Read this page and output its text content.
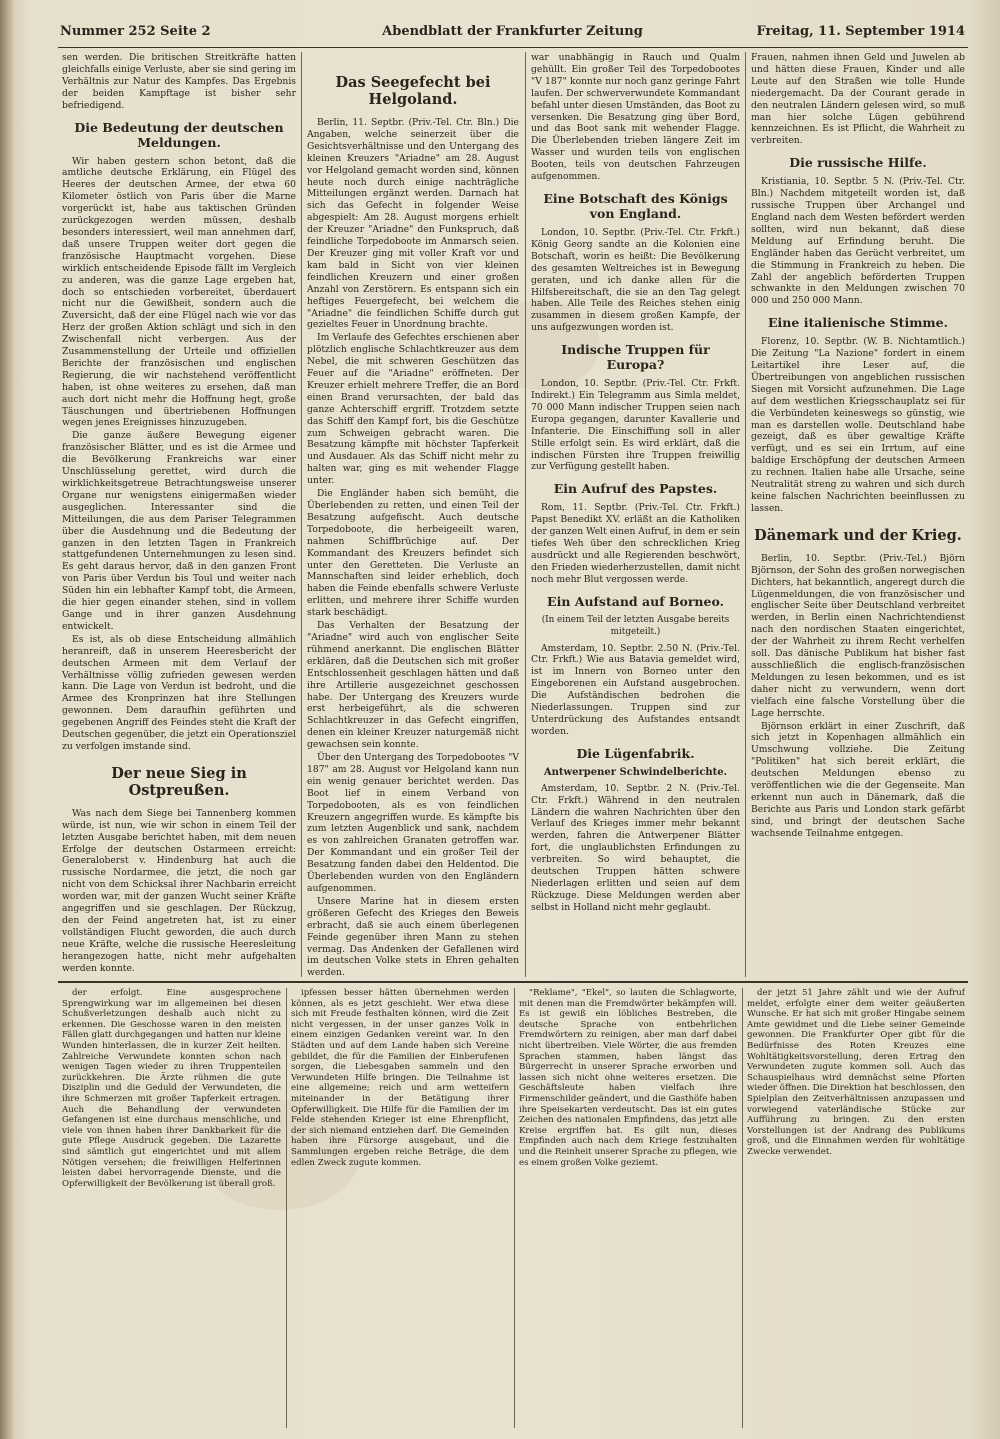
Nummer 252 Seite 2	Abendblatt der Frankfurter Zeitung	Freitag, 11. September 1914

sen werden. Die britischen Streitkräfte hatten gleichfalls einige Verluste, aber sie sind gering im Verhältnis zur Natur des Kampfes. Das Ergebnis der beiden Kampftage ist bisher sehr befriedigend.

Die Bedeutung der deutschen Meldungen.

Wir haben gestern schon betont, daß die amtliche deutsche Erklärung, ein Flügel des Heeres der deutschen Armee, der etwa 60 Kilometer östlich von Paris über die Marne vorgerückt ist, habe aus taktischen Gründen zurückgezogen werden müssen, deshalb besonders interessiert, weil man annehmen darf, daß unsere Truppen weiter dort gegen die französische Hauptmacht vorgehen. Diese wirklich entscheidende Episode fällt im Vergleich zu anderen, was die ganze Lage ergeben hat, doch so entschieden vorbereitet, überdauert nicht nur die Gewißheit, sondern auch die Zuversicht, daß der eine Flügel nach wie vor das Herz der großen Aktion schlägt und sich in den Zwischenfall nicht verbergen. Aus der Zusammenstellung der Urteile und offiziellen Berichte der französischen und englischen Regierung, die wir nachstehend veröffentlicht haben, ist ohne weiteres zu ersehen, daß man auch dort nicht mehr die Hoffnung hegt, große Täuschungen und übertriebenen Hoffnungen wegen jenes Ereignisses hinzuzugeben.

Die ganze äußere Bewegung eigener französischer Blätter, und es ist die Armee und die Bevölkerung Frankreichs war einer Unschlüsselung gerettet, wird durch die wirklichkeitsgetreue Betrachtungsweise unserer Organe nur wenigstens einigermaßen wieder ausgeglichen. Interessanter sind die Mitteilungen, die aus dem Pariser Telegrammen über die Ausdehnung und die Bedeutung der ganzen in den letzten Tagen in Frankreich stattgefundenen Unternehmungen zu lesen sind. Es geht daraus hervor, daß in den ganzen Front von Paris über Verdun bis Toul und weiter nach Süden hin ein lebhafter Kampf tobt, die Armeen, die hier gegen einander stehen, sind in vollem Gange und in ihrer ganzen Ausdehnung entwickelt.

Es ist, als ob diese Entscheidung allmählich heranreift, daß in unserem Heeresbericht der deutschen Armeen mit dem Verlauf der Verhältnisse völlig zufrieden gewesen werden kann. Die Lage von Verdun ist bedroht, und die Armee des Kronprinzen hat ihre Stellungen gewonnen. Dem daraufhin geführten und gegebenen Angriff des Feindes steht die Kraft der Deutschen gegenüber, die jetzt ein Operationsziel zu verfolgen imstande sind.

Der neue Sieg in Ostpreußen.

Was nach dem Siege bei Tannenberg kommen würde, ist nun, wie wir schon in einem Teil der letzten Ausgabe berichtet haben, mit dem neuen Erfolge der deutschen Ostarmeen erreicht: Generaloberst v. Hindenburg hat auch die russische Nordarmee, die jetzt, die noch gar nicht von dem Schicksal ihrer Nachbarin erreicht worden war, mit der ganzen Wucht seiner Kräfte angegriffen und sie geschlagen. Der Rückzug, den der Feind angetreten hat, ist zu einer vollständigen Flucht geworden, die auch durch neue Kräfte, welche die russische Heeresleitung herangezogen hatte, nicht mehr aufgehalten werden konnte.

Das Seegefecht bei Helgoland.

Berlin, 11. Septbr. (Priv.-Tel. Ctr. Bln.) Die Angaben, welche seinerzeit über die Gesichtsverhältnisse und den Untergang des kleinen Kreuzers "Ariadne" am 28. August vor Helgoland gemacht worden sind, können heute noch durch einige nachträgliche Mitteilungen ergänzt werden. Darnach hat sich das Gefecht in folgender Weise abgespielt: Am 28. August morgens erhielt der Kreuzer "Ariadne" den Funkspruch, daß feindliche Torpedoboote im Anmarsch seien. Der Kreuzer ging mit voller Kraft vor und kam bald in Sicht von vier kleinen feindlichen Kreuzern und einer großen Anzahl von Zerstörern. Es entspann sich ein heftiges Feuergefecht, bei welchem die "Ariadne" die feindlichen Schiffe durch gut gezieltes Feuer in Unordnung brachte.

Im Verlaufe des Gefechtes erschienen aber plötzlich englische Schlachtkreuzer aus dem Nebel, die mit schweren Geschützen das Feuer auf die "Ariadne" eröffneten. Der Kreuzer erhielt mehrere Treffer, die an Bord einen Brand verursachten, der bald das ganze Achterschiff ergriff. Trotzdem setzte das Schiff den Kampf fort, bis die Geschütze zum Schweigen gebracht waren. Die Besatzung kämpfte mit höchster Tapferkeit und Ausdauer. Als das Schiff nicht mehr zu halten war, ging es mit wehender Flagge unter.

Die Engländer haben sich bemüht, die Überlebenden zu retten, und einen Teil der Besatzung aufgefischt. Auch deutsche Torpedoboote, die herbeigeeilt waren, nahmen Schiffbrüchige auf. Der Kommandant des Kreuzers befindet sich unter den Geretteten. Die Verluste an Mannschaften sind leider erheblich, doch haben die Feinde ebenfalls schwere Verluste erlitten, und mehrere ihrer Schiffe wurden stark beschädigt.

Das Verhalten der Besatzung der "Ariadne" wird auch von englischer Seite rühmend anerkannt. Die englischen Blätter erklären, daß die Deutschen sich mit großer Entschlossenheit geschlagen hätten und daß ihre Artillerie ausgezeichnet geschossen habe. Der Untergang des Kreuzers wurde erst herbeigeführt, als die schweren Schlachtkreuzer in das Gefecht eingriffen, denen ein kleiner Kreuzer naturgemäß nicht gewachsen sein konnte.

Über den Untergang des Torpedobootes "V 187" am 28. August vor Helgoland kann nun ein wenig genauer berichtet werden. Das Boot lief in einem Verband von Torpedobooten, als es von feindlichen Kreuzern angegriffen wurde. Es kämpfte bis zum letzten Augenblick und sank, nachdem es von zahlreichen Granaten getroffen war. Der Kommandant und ein großer Teil der Besatzung fanden dabei den Heldentod. Die Überlebenden wurden von den Engländern aufgenommen.

Unsere Marine hat in diesem ersten größeren Gefecht des Krieges den Beweis erbracht, daß sie auch einem überlegenen Feinde gegenüber ihren Mann zu stehen vermag. Das Andenken der Gefallenen wird im deutschen Volke stets in Ehren gehalten werden.

war unabhängig in Rauch und Qualm gehüllt. Ein großer Teil des Torpedobootes "V 187" konnte nur noch ganz geringe Fahrt laufen. Der schwerverwundete Kommandant befahl unter diesen Umständen, das Boot zu versenken. Die Besatzung ging über Bord, und das Boot sank mit wehender Flagge. Die Überlebenden trieben längere Zeit im Wasser und wurden teils von englischen Booten, teils von deutschen Fahrzeugen aufgenommen.

Eine Botschaft des Königs von England.

London, 10. Septbr. (Priv.-Tel. Ctr. Frkft.) König Georg sandte an die Kolonien eine Botschaft, worin es heißt: Die Bevölkerung des gesamten Weltreiches ist in Bewegung geraten, und ich danke allen für die Hilfsbereitschaft, die sie an den Tag gelegt haben. Alle Teile des Reiches stehen einig zusammen in diesem großen Kampfe, der uns aufgezwungen worden ist.

Indische Truppen für Europa?

London, 10. Septbr. (Priv.-Tel. Ctr. Frkft. Indirekt.) Ein Telegramm aus Simla meldet, 70 000 Mann indischer Truppen seien nach Europa gegangen, darunter Kavallerie und Infanterie. Die Einschiffung soll in aller Stille erfolgt sein. Es wird erklärt, daß die indischen Fürsten ihre Truppen freiwillig zur Verfügung gestellt haben.

Ein Aufruf des Papstes.

Rom, 11. Septbr. (Priv.-Tel. Ctr. Frkft.) Papst Benedikt XV. erläßt an die Katholiken der ganzen Welt einen Aufruf, in dem er sein tiefes Weh über den schrecklichen Krieg ausdrückt und alle Regierenden beschwört, den Frieden wiederherzustellen, damit nicht noch mehr Blut vergossen werde.

Ein Aufstand auf Borneo.
(In einem Teil der letzten Ausgabe bereits mitgeteilt.)

Amsterdam, 10. Septbr. 2.50 N. (Priv.-Tel. Ctr. Frkft.) Wie aus Batavia gemeldet wird, ist im Innern von Borneo unter den Eingeborenen ein Aufstand ausgebrochen. Die Aufständischen bedrohen die Niederlassungen. Truppen sind zur Unterdrückung des Aufstandes entsandt worden.

Die Lügenfabrik.
Antwerpener Schwindelberichte.

Amsterdam, 10. Septbr. 2 N. (Priv.-Tel. Ctr. Frkft.) Während in den neutralen Ländern die wahren Nachrichten über den Verlauf des Krieges immer mehr bekannt werden, fahren die Antwerpener Blätter fort, die unglaublichsten Erfindungen zu verbreiten. So wird behauptet, die deutschen Truppen hätten schwere Niederlagen erlitten und seien auf dem Rückzuge. Diese Meldungen werden aber selbst in Holland nicht mehr geglaubt.

Frauen, nahmen ihnen Geld und Juwelen ab und hätten diese Frauen, Kinder und alle Leute auf den Straßen wie tolle Hunde niedergemacht. Da der Courant gerade in den neutralen Ländern gelesen wird, so muß man hier solche Lügen gebührend kennzeichnen. Es ist Pflicht, die Wahrheit zu verbreiten.

Die russische Hilfe.

Kristiania, 10. Septbr. 5 N. (Priv.-Tel. Ctr. Bln.) Nachdem mitgeteilt worden ist, daß russische Truppen über Archangel und England nach dem Westen befördert werden sollten, wird nun bekannt, daß diese Meldung auf Erfindung beruht. Die Engländer haben das Gerücht verbreitet, um die Stimmung in Frankreich zu heben. Die Zahl der angeblich beförderten Truppen schwankte in den Meldungen zwischen 70 000 und 250 000 Mann.

Eine italienische Stimme.

Florenz, 10. Septbr. (W. B. Nichtamtlich.) Die Zeitung "La Nazione" fordert in einem Leitartikel ihre Leser auf, die Übertreibungen von angeblichen russischen Siegen mit Vorsicht aufzunehmen. Die Lage auf dem westlichen Kriegsschauplatz sei für die Verbündeten keineswegs so günstig, wie man es darstellen wolle. Deutschland habe gezeigt, daß es über gewaltige Kräfte verfügt, und es sei ein Irrtum, auf eine baldige Erschöpfung der deutschen Armeen zu rechnen. Italien habe alle Ursache, seine Neutralität streng zu wahren und sich durch keine falschen Nachrichten beeinflussen zu lassen.

Dänemark und der Krieg.

Berlin, 10. Septbr. (Priv.-Tel.) Björn Björnson, der Sohn des großen norwegischen Dichters, hat bekanntlich, angeregt durch die Lügenmeldungen, die von französischer und englischer Seite über Deutschland verbreitet werden, in Berlin einen Nachrichtendienst nach den nordischen Staaten eingerichtet, der der Wahrheit zu ihrem Recht verhelfen soll. Das dänische Publikum hat bisher fast ausschließlich die englisch-französischen Meldungen zu lesen bekommen, und es ist daher nicht zu verwundern, wenn dort vielfach eine falsche Vorstellung über die Lage herrschte.

Björnson erklärt in einer Zuschrift, daß sich jetzt in Kopenhagen allmählich ein Umschwung vollziehe. Die Zeitung "Politiken" hat sich bereit erklärt, die deutschen Meldungen ebenso zu veröffentlichen wie die der Gegenseite. Man erkennt nun auch in Dänemark, daß die Berichte aus Paris und London stark gefärbt sind, und bringt der deutschen Sache wachsende Teilnahme entgegen.

der erfolgt. Eine ausgesprochene Sprengwirkung war im allgemeinen bei diesen Schußverletzungen deshalb auch nicht zu erkennen. Die Geschosse waren in den meisten Fällen glatt durchgegangen und hatten nur kleine Wunden hinterlassen, die in kurzer Zeit heilten. Zahlreiche Verwundete konnten schon nach wenigen Tagen wieder zu ihren Truppenteilen zurückkehren. Die Ärzte rühmen die gute Disziplin und die Geduld der Verwundeten, die ihre Schmerzen mit großer Tapferkeit ertragen. Auch die Behandlung der verwundeten Gefangenen ist eine durchaus menschliche, und viele von ihnen haben ihrer Dankbarkeit für die gute Pflege Ausdruck gegeben. Die Lazarette sind sämtlich gut eingerichtet und mit allem Nötigen versehen; die freiwilligen Helferinnen leisten dabei hervorragende Dienste, und die Opferwilligkeit der Bevölkerung ist überall groß.

ipfessen besser hätten übernehmen werden können, als es jetzt geschieht. Wer etwa diese sich mit Freude festhalten können, wird die Zeit nicht vergessen, in der unser ganzes Volk in einem einzigen Gedanken vereint war. In den Städten und auf dem Lande haben sich Vereine gebildet, die für die Familien der Einberufenen sorgen, die Liebesgaben sammeln und den Verwundeten Hilfe bringen. Die Teilnahme ist eine allgemeine; reich und arm wetteifern miteinander in der Betätigung ihrer Opferwilligkeit. Die Hilfe für die Familien der im Felde stehenden Krieger ist eine Ehrenpflicht, der sich niemand entziehen darf. Die Gemeinden haben ihre Fürsorge ausgebaut, und die Sammlungen ergeben reiche Beträge, die dem edlen Zweck zugute kommen.

"Reklame", "Ekel", so lauten die Schlagworte, mit denen man die Fremdwörter bekämpfen will. Es ist gewiß ein löbliches Bestreben, die deutsche Sprache von entbehrlichen Fremdwörtern zu reinigen, aber man darf dabei nicht übertreiben. Viele Wörter, die aus fremden Sprachen stammen, haben längst das Bürgerrecht in unserer Sprache erworben und lassen sich nicht ohne weiteres ersetzen. Die Geschäftsleute haben vielfach ihre Firmenschilder geändert, und die Gasthöfe haben ihre Speisekarten verdeutscht. Das ist ein gutes Zeichen des nationalen Empfindens, das jetzt alle Kreise ergriffen hat. Es gilt nun, dieses Empfinden auch nach dem Kriege festzuhalten und die Reinheit unserer Sprache zu pflegen, wie es einem großen Volke geziemt.

der jetzt 51 Jahre zählt und wie der Aufruf meldet, erfolgte einer dem weiter geäußerten Wunsche. Er hat sich mit großer Hingabe seinem Amte gewidmet und die Liebe seiner Gemeinde gewonnen. Die Frankfurter Oper gibt für die Bedürfnisse des Roten Kreuzes eine Wohltätigkeitsvorstellung, deren Ertrag den Verwundeten zugute kommen soll. Auch das Schauspielhaus wird demnächst seine Pforten wieder öffnen. Die Direktion hat beschlossen, den Spielplan den Zeitverhältnissen anzupassen und vorwiegend vaterländische Stücke zur Aufführung zu bringen. Zu den ersten Vorstellungen ist der Andrang des Publikums groß, und die Einnahmen werden für wohltätige Zwecke verwendet.
